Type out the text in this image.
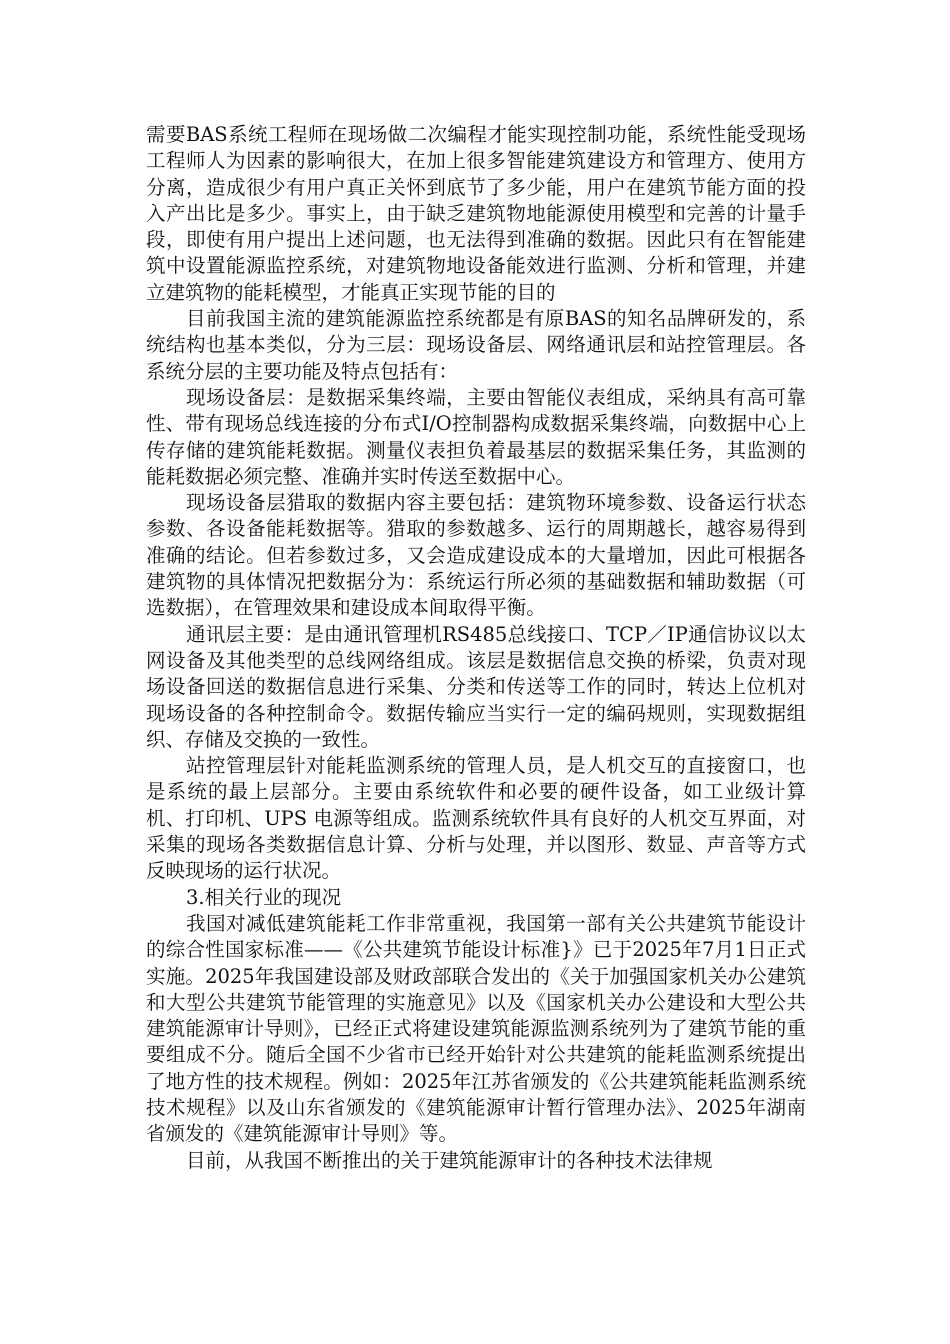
需要BAS系统工程师在现场做二次编程才能实现控制功能，系统性能受现场工程师人为因素的影响很大，在加上很多智能建筑建设方和管理方、使用方分离，造成很少有用户真正关怀到底节了多少能，用户在建筑节能方面的投入产出比是多少。事实上，由于缺乏建筑物地能源使用模型和完善的计量手段，即使有用户提出上述问题，也无法得到准确的数据。因此只有在智能建筑中设置能源监控系统，对建筑物地设备能效进行监测、分析和管理，并建立建筑物的能耗模型，才能真正实现节能的目的

目前我国主流的建筑能源监控系统都是有原BAS的知名品牌研发的，系统结构也基本类似，分为三层：现场设备层、网络通讯层和站控管理层。各系统分层的主要功能及特点包括有：

现场设备层：是数据采集终端，主要由智能仪表组成，采纳具有高可靠性、带有现场总线连接的分布式I/O控制器构成数据采集终端，向数据中心上传存储的建筑能耗数据。测量仪表担负着最基层的数据采集任务，其监测的能耗数据必须完整、准确并实时传送至数据中心。

现场设备层猎取的数据内容主要包括：建筑物环境参数、设备运行状态参数、各设备能耗数据等。猎取的参数越多、运行的周期越长，越容易得到准确的结论。但若参数过多，又会造成建设成本的大量增加，因此可根据各建筑物的具体情况把数据分为：系统运行所必须的基础数据和辅助数据（可选数据），在管理效果和建设成本间取得平衡。

通讯层主要：是由通讯管理机RS485总线接口、TCP／IP通信协议以太网设备及其他类型的总线网络组成。该层是数据信息交换的桥梁，负责对现场设备回送的数据信息进行采集、分类和传送等工作的同时，转达上位机对现场设备的各种控制命令。数据传输应当实行一定的编码规则，实现数据组织、存储及交换的一致性。

站控管理层针对能耗监测系统的管理人员，是人机交互的直接窗口，也是系统的最上层部分。主要由系统软件和必要的硬件设备，如工业级计算机、打印机、UPS 电源等组成。监测系统软件具有良好的人机交互界面，对采集的现场各类数据信息计算、分析与处理，并以图形、数显、声音等方式反映现场的运行状况。

3.相关行业的现况

我国对减低建筑能耗工作非常重视，我国第一部有关公共建筑节能设计的综合性国家标准——《公共建筑节能设计标准}》已于2025年7月1日正式实施。2025年我国建设部及财政部联合发出的《关于加强国家机关办公建筑和大型公共建筑节能管理的实施意见》以及《国家机关办公建设和大型公共建筑能源审计导则》，已经正式将建设建筑能源监测系统列为了建筑节能的重要组成不分。随后全国不少省市已经开始针对公共建筑的能耗监测系统提出了地方性的技术规程。例如：2025年江苏省颁发的《公共建筑能耗监测系统技术规程》以及山东省颁发的《建筑能源审计暂行管理办法》、2025年湖南省颁发的《建筑能源审计导则》等。

目前，从我国不断推出的关于建筑能源审计的各种技术法律规
